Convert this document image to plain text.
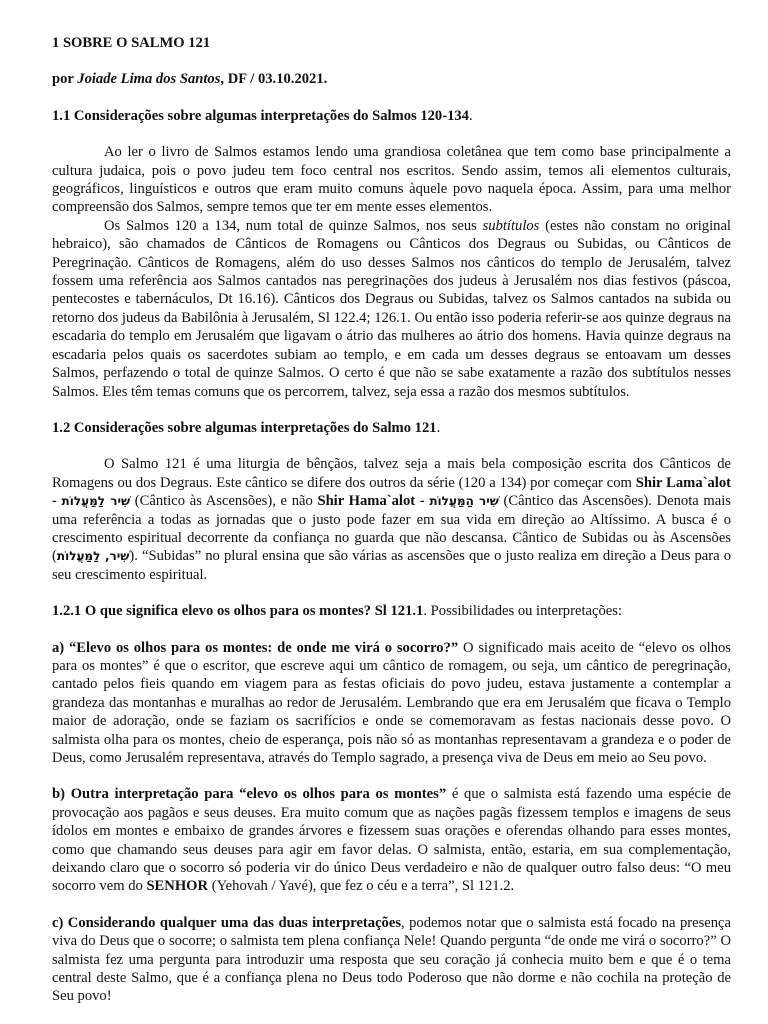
1 SOBRE O SALMO 121

por Joiade Lima dos Santos, DF / 03.10.2021.

1.1 Considerações sobre algumas interpretações do Salmos 120-134.

Ao ler o livro de Salmos estamos lendo uma grandiosa coletânea que tem como base principalmente a cultura judaica, pois o povo judeu tem foco central nos escritos. Sendo assim, temos ali elementos culturais, geográficos, linguísticos e outros que eram muito comuns àquele povo naquela época. Assim, para uma melhor compreensão dos Salmos, sempre temos que ter em mente esses elementos.

Os Salmos 120 a 134, num total de quinze Salmos, nos seus subtítulos (estes não constam no original hebraico), são chamados de Cânticos de Romagens ou Cânticos dos Degraus ou Subidas, ou Cânticos de Peregrinação. Cânticos de Romagens, além do uso desses Salmos nos cânticos do templo de Jerusalém, talvez fossem uma referência aos Salmos cantados nas peregrinações dos judeus à Jerusalém nos dias festivos (páscoa, pentecostes e tabernáculos, Dt 16.16). Cânticos dos Degraus ou Subidas, talvez os Salmos cantados na subida ou retorno dos judeus da Babilônia à Jerusalém, Sl 122.4; 126.1. Ou então isso poderia referir-se aos quinze degraus na escadaria do templo em Jerusalém que ligavam o átrio das mulheres ao átrio dos homens. Havia quinze degraus na escadaria pelos quais os sacerdotes subiam ao templo, e em cada um desses degraus se entoavam um desses Salmos, perfazendo o total de quinze Salmos. O certo é que não se sabe exatamente a razão dos subtítulos nesses Salmos. Eles têm temas comuns que os percorrem, talvez, seja essa a razão dos mesmos subtítulos.

1.2 Considerações sobre algumas interpretações do Salmo 121.

O Salmo 121 é uma liturgia de bênçãos, talvez seja a mais bela composição escrita dos Cânticos de Romagens ou dos Degraus. Este cântico se difere dos outros da série (120 a 134) por começar com Shir Lama`alot - שִׁיר לַמַּעֲלוֹת (Cântico às Ascensões), e não Shir Hama`alot - שִׁיר הַמַּעֲלוֹת (Cântico das Ascensões). Denota mais uma referência a todas as jornadas que o justo pode fazer em sua vida em direção ao Altíssimo. A busca é o crescimento espiritual decorrente da confiança no guarda que não descansa. Cântico de Subidas ou às Ascensões (שִׁיר, לַמַּעֲלוֹת). “Subidas” no plural ensina que são várias as ascensões que o justo realiza em direção a Deus para o seu crescimento espiritual.

1.2.1 O que significa elevo os olhos para os montes? Sl 121.1. Possibilidades ou interpretações:

a) “Elevo os olhos para os montes: de onde me virá o socorro?” O significado mais aceito de “elevo os olhos para os montes” é que o escritor, que escreve aqui um cântico de romagem, ou seja, um cântico de peregrinação, cantado pelos fieis quando em viagem para as festas oficiais do povo judeu, estava justamente a contemplar a grandeza das montanhas e muralhas ao redor de Jerusalém. Lembrando que era em Jerusalém que ficava o Templo maior de adoração, onde se faziam os sacrifícios e onde se comemoravam as festas nacionais desse povo. O salmista olha para os montes, cheio de esperança, pois não só as montanhas representavam a grandeza e o poder de Deus, como Jerusalém representava, através do Templo sagrado, a presença viva de Deus em meio ao Seu povo.

b) Outra interpretação para “elevo os olhos para os montes” é que o salmista está fazendo uma espécie de provocação aos pagãos e seus deuses. Era muito comum que as nações pagãs fizessem templos e imagens de seus ídolos em montes e embaixo de grandes árvores e fizessem suas orações e oferendas olhando para esses montes, como que chamando seus deuses para agir em favor delas. O salmista, então, estaria, em sua complementação, deixando claro que o socorro só poderia vir do único Deus verdadeiro e não de qualquer outro falso deus: “O meu socorro vem do SENHOR (Yehovah / Yavé), que fez o céu e a terra”, Sl 121.2.

c) Considerando qualquer uma das duas interpretações, podemos notar que o salmista está focado na presença viva do Deus que o socorre; o salmista tem plena confiança Nele! Quando pergunta “de onde me virá o socorro?” O salmista fez uma pergunta para introduzir uma resposta que seu coração já conhecia muito bem e que é o tema central deste Salmo, que é a confiança plena no Deus todo Poderoso que não dorme e não cochila na proteção de Seu povo!
